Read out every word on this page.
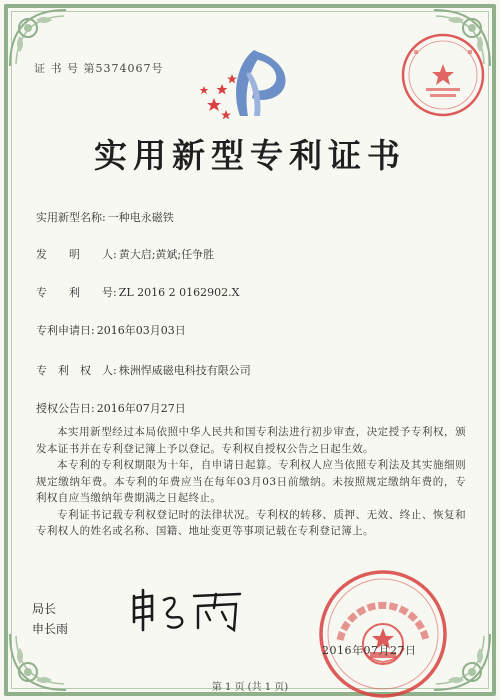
证 书 号 第5374067号
实用新型专利证书
实用新型名称: 一种电永磁铁
发　　明　　人: 黄大启;黄斌;任争胜
专　　利　　号: ZL 2016 2 0162902.X
专利申请日: 2016年03月03日
专　利　权　人: 株洲悍威磁电科技有限公司
授权公告日: 2016年07月27日

本实用新型经过本局依照中华人民共和国专利法进行初步审查，决定授予专利权，颁发本证书并在专利登记簿上予以登记。专利权自授权公告之日起生效。

本专利的专利权期限为十年，自申请日起算。专利权人应当依照专利法及其实施细则规定缴纳年费。本专利的年费应当在每年03月03日前缴纳。未按照规定缴纳年费的，专利权自应当缴纳年费期满之日起终止。

专利证书记载专利权登记时的法律状况。专利权的转移、质押、无效、终止、恢复和专利权人的姓名或名称、国籍、地址变更等事项记载在专利登记簿上。

局长
申长雨
2016年07月27日
第 1 页 (共 1 页)
